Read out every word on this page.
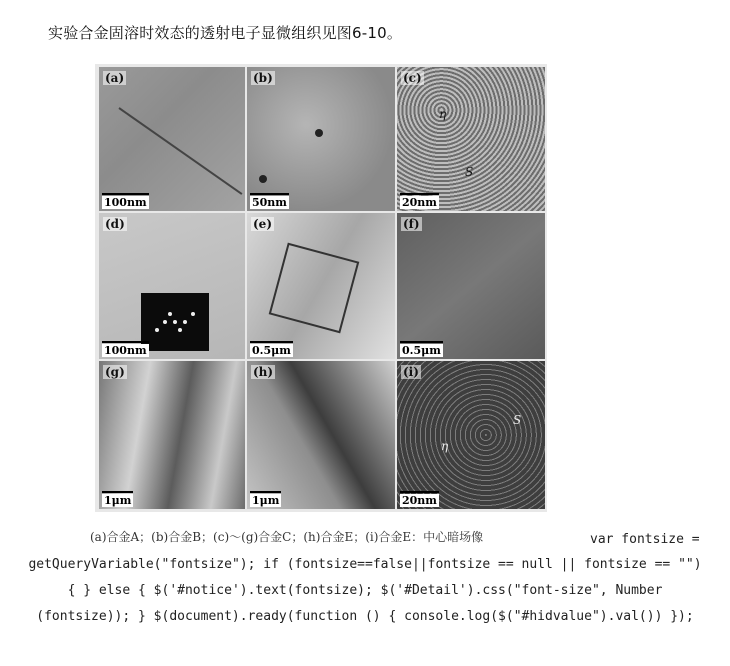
实验合金固溶时效态的透射电子显微组织见图6-10。
(a)
100nm
(b)
50nm
η
S
(c)
20nm
(d)
100nm
(e)
0.5μm
(f)
0.5μm
(g)
1μm
(h)
1μm
η
S
(i)
20nm
(a)合金A；(b)合金B；(c)～(g)合金C；(h)合金E；(i)合金E：中心暗场像	var fontsize =
getQueryVariable("fontsize"); if (fontsize==false||fontsize == null || fontsize == "")
{ } else { $('#notice').text(fontsize); $('#Detail').css("font-size", Number
(fontsize)); } $(document).ready(function () { console.log($("#hidvalue").val()) });
